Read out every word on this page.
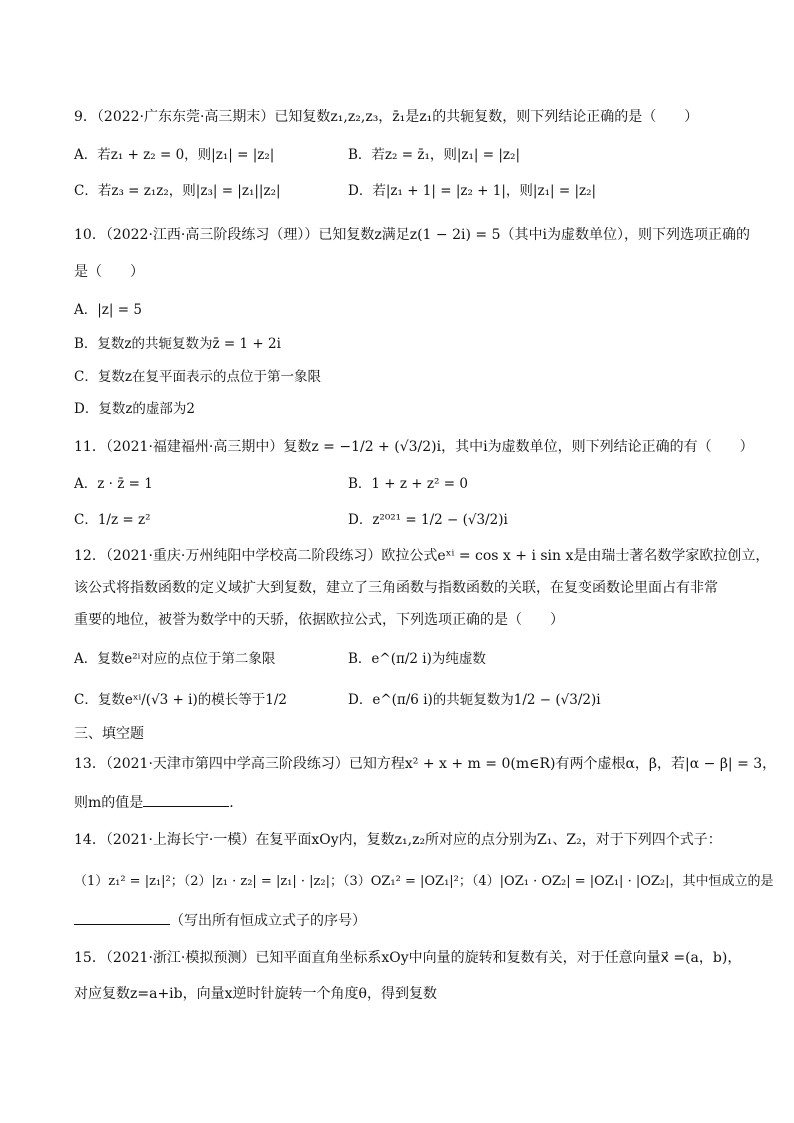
9．（2022·广东东莞·高三期末）已知复数z₁,z₂,z₃，z̄₁是z₁的共轭复数，则下列结论正确的是（　　）
A．若z₁ + z₂ = 0，则|z₁| = |z₂|	B．若z₂ = z̄₁，则|z₁| = |z₂|
C．若z₃ = z₁z₂，则|z₃| = |z₁||z₂|	D．若|z₁ + 1| = |z₂ + 1|，则|z₁| = |z₂|
10．（2022·江西·高三阶段练习（理））已知复数z满足z(1 − 2i) = 5（其中i为虚数单位），则下列选项正确的
是（　　）
A．|z| = 5
B．复数z的共轭复数为z̄ = 1 + 2i
C．复数z在复平面表示的点位于第一象限
D．复数z的虚部为2
11．（2021·福建福州·高三期中）复数z = −1/2 + (√3/2)i，其中i为虚数单位，则下列结论正确的有（　　）
A．z · z̄ = 1	B．1 + z + z² = 0
C．1/z = z²	D．z²⁰²¹ = 1/2 − (√3/2)i
12．（2021·重庆·万州纯阳中学校高二阶段练习）欧拉公式eˣⁱ = cos x + i sin x是由瑞士著名数学家欧拉创立，
该公式将指数函数的定义域扩大到复数，建立了三角函数与指数函数的关联，在复变函数论里面占有非常
重要的地位，被誉为数学中的天骄，依据欧拉公式，下列选项正确的是（　　）
A．复数e²ⁱ对应的点位于第二象限	B．e^(π/2 i)为纯虚数
C．复数eˣⁱ/(√3 + i)的模长等于1/2	D．e^(π/6 i)的共轭复数为1/2 − (√3/2)i
三、填空题
13．（2021·天津市第四中学高三阶段练习）已知方程x² + x + m = 0(m∈R)有两个虚根α，β，若|α − β| = 3，
则m的值是	.
14．（2021·上海长宁·一模）在复平面xOy内，复数z₁,z₂所对应的点分别为Z₁、Z₂，对于下列四个式子：
（1）z₁² = |z₁|²；（2）|z₁ · z₂| = |z₁| · |z₂|；（3）OZ₁² = |OZ₁|²；（4）|OZ₁ · OZ₂| = |OZ₁| · |OZ₂|，其中恒成立的是
（写出所有恒成立式子的序号）
15．（2021·浙江·模拟预测）已知平面直角坐标系xOy中向量的旋转和复数有关，对于任意向量x⃗ =(a，b)，
对应复数z=a+ib，向量x逆时针旋转一个角度θ，得到复数
